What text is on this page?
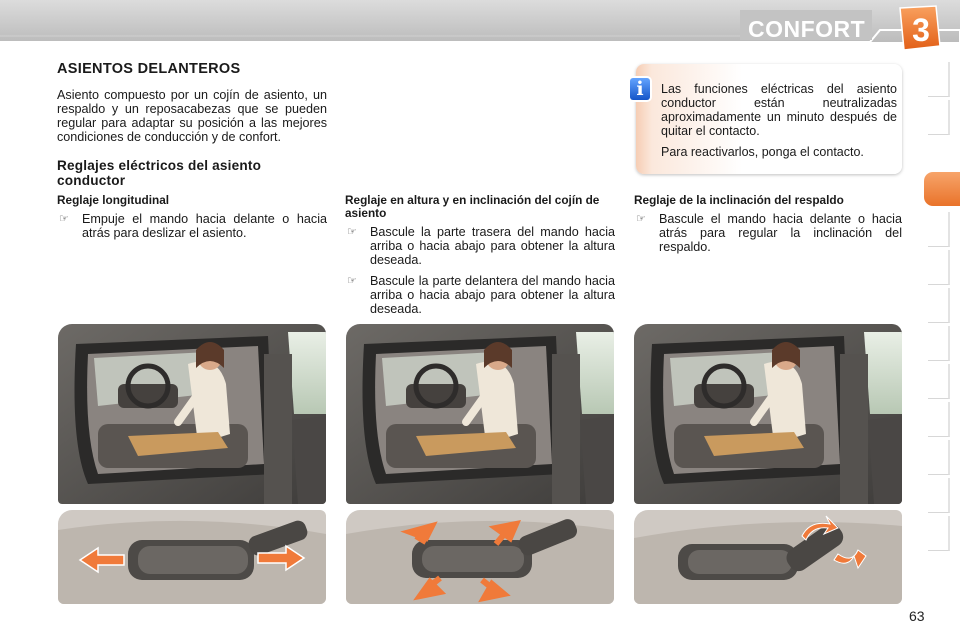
CONFORT 3
ASIENTOS DELANTEROS
Asiento compuesto por un cojín de asiento, un respaldo y un reposacabezas que se pueden regular para adaptar su posición a las mejores condiciones de conducción y de confort.
Reglajes eléctricos del asiento conductor
Reglaje longitudinal
☞ Empuje el mando hacia delante o hacia atrás para deslizar el asiento.
Reglaje en altura y en inclinación del cojín de asiento
☞ Bascule la parte trasera del mando hacia arriba o hacia abajo para obtener la altura deseada.
☞ Bascule la parte delantera del mando hacia arriba o hacia abajo para obtener la altura deseada.
Reglaje de la inclinación del respaldo
☞ Bascule el mando hacia delante o hacia atrás para regular la inclinación del respaldo.
i	Las funciones eléctricas del asiento conductor están neutralizadas aproximadamente un minuto después de quitar el contacto.

Para reactivarlos, ponga el contacto.

63
